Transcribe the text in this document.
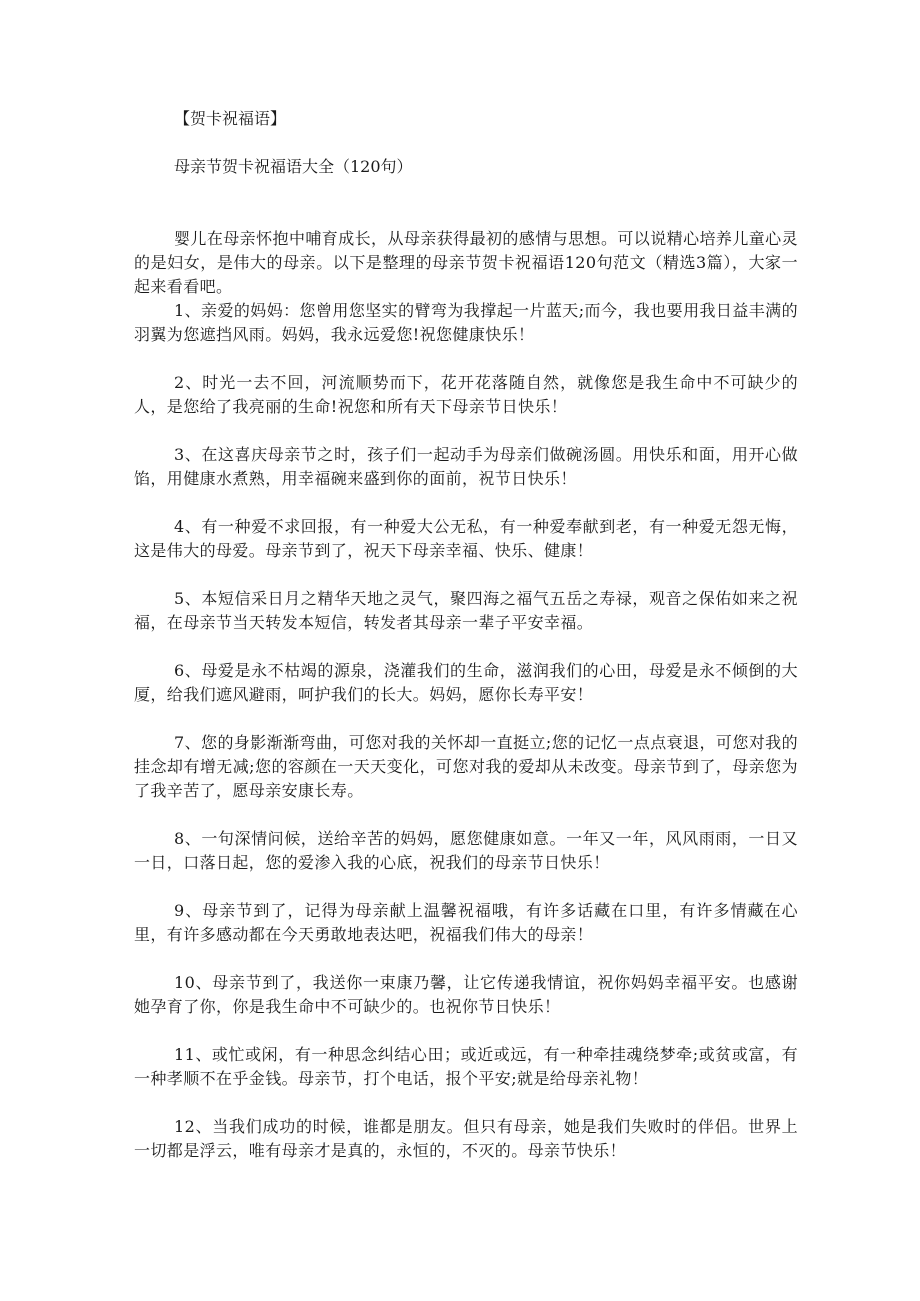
【贺卡祝福语】
母亲节贺卡祝福语大全（120句）

婴儿在母亲怀抱中哺育成长，从母亲获得最初的感情与思想。可以说精心培养儿童心灵的是妇女，是伟大的母亲。以下是整理的母亲节贺卡祝福语120句范文（精选3篇），大家一起来看看吧。

1、亲爱的妈妈：您曾用您坚实的臂弯为我撑起一片蓝天;而今，我也要用我日益丰满的羽翼为您遮挡风雨。妈妈，我永远爱您!祝您健康快乐！

2、时光一去不回，河流顺势而下，花开花落随自然，就像您是我生命中不可缺少的人，是您给了我亮丽的生命!祝您和所有天下母亲节日快乐！

3、在这喜庆母亲节之时，孩子们一起动手为母亲们做碗汤圆。用快乐和面，用开心做馅，用健康水煮熟，用幸福碗来盛到你的面前，祝节日快乐！

4、有一种爱不求回报，有一种爱大公无私，有一种爱奉献到老，有一种爱无怨无悔，这是伟大的母爱。母亲节到了，祝天下母亲幸福、快乐、健康！

5、本短信采日月之精华天地之灵气，聚四海之福气五岳之寿禄，观音之保佑如来之祝福，在母亲节当天转发本短信，转发者其母亲一辈子平安幸福。

6、母爱是永不枯竭的源泉，浇灌我们的生命，滋润我们的心田，母爱是永不倾倒的大厦，给我们遮风避雨，呵护我们的长大。妈妈，愿你长寿平安！

7、您的身影渐渐弯曲，可您对我的关怀却一直挺立;您的记忆一点点衰退，可您对我的挂念却有增无减;您的容颜在一天天变化，可您对我的爱却从未改变。母亲节到了，母亲您为了我辛苦了，愿母亲安康长寿。

8、一句深情问候，送给辛苦的妈妈，愿您健康如意。一年又一年，风风雨雨，一日又一日，口落日起，您的爱渗入我的心底，祝我们的母亲节日快乐！

9、母亲节到了，记得为母亲献上温馨祝福哦，有许多话藏在口里，有许多情藏在心里，有许多感动都在今天勇敢地表达吧，祝福我们伟大的母亲！

10、母亲节到了，我送你一束康乃馨，让它传递我情谊，祝你妈妈幸福平安。也感谢她孕育了你，你是我生命中不可缺少的。也祝你节日快乐！

11、或忙或闲，有一种思念纠结心田；或近或远，有一种牵挂魂绕梦牵;或贫或富，有一种孝顺不在乎金钱。母亲节，打个电话，报个平安;就是给母亲礼物！

12、当我们成功的时候，谁都是朋友。但只有母亲，她是我们失败时的伴侣。世界上一切都是浮云，唯有母亲才是真的，永恒的，不灭的。母亲节快乐！
